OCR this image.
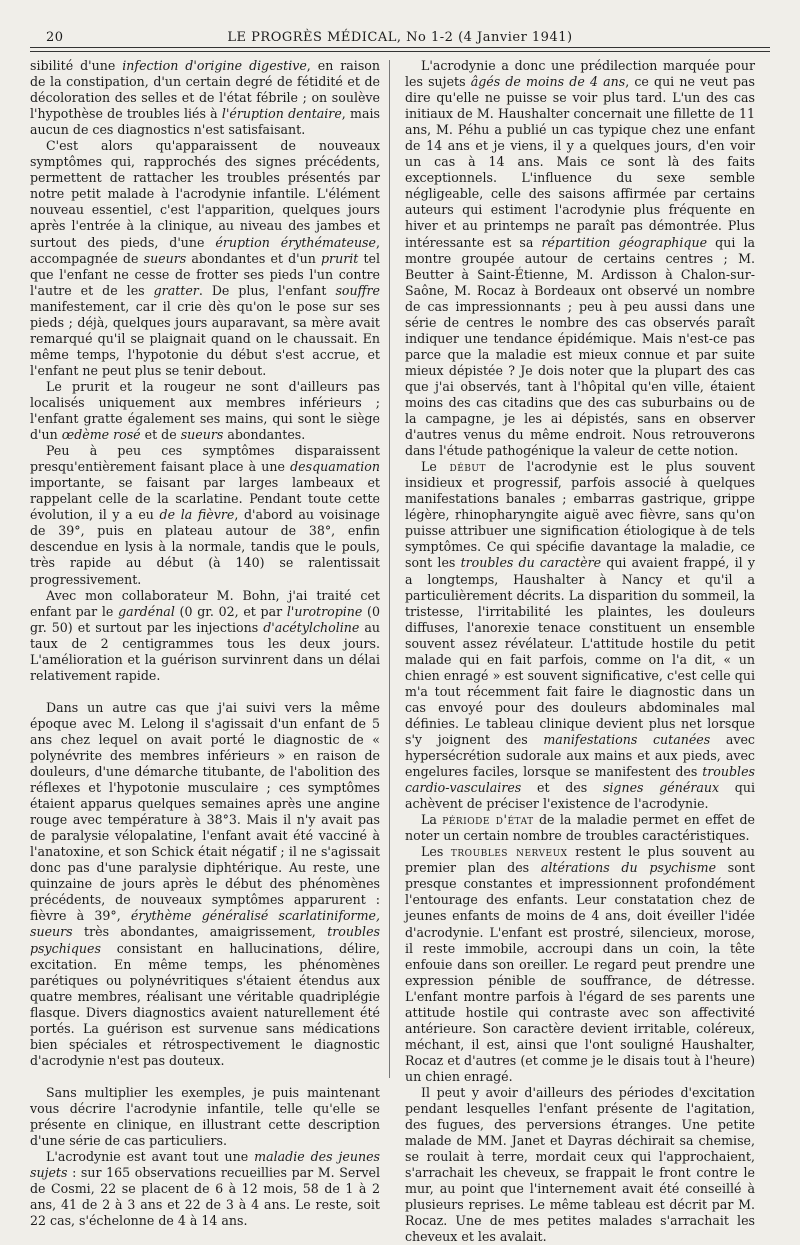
20	LE PROGRÈS MÉDICAL, No 1-2 (4 Janvier 1941)

sibilité d'une infection d'origine digestive, en raison de la constipation, d'un certain degré de fétidité et de décoloration des selles et de l'état fébrile ; on soulève l'hypothèse de troubles liés à l'éruption dentaire, mais aucun de ces diagnostics n'est satisfaisant.

C'est alors qu'apparaissent de nouveaux symptômes qui, rapprochés des signes précédents, permettent de rattacher les troubles présentés par notre petit malade à l'acrodynie infantile. L'élément nouveau essentiel, c'est l'apparition, quelques jours après l'entrée à la clinique, au niveau des jambes et surtout des pieds, d'une éruption érythémateuse, accompagnée de sueurs abondantes et d'un prurit tel que l'enfant ne cesse de frotter ses pieds l'un contre l'autre et de les gratter. De plus, l'enfant souffre manifestement, car il crie dès qu'on le pose sur ses pieds ; déjà, quelques jours auparavant, sa mère avait remarqué qu'il se plaignait quand on le chaussait. En même temps, l'hypotonie du début s'est accrue, et l'enfant ne peut plus se tenir debout.

Le prurit et la rougeur ne sont d'ailleurs pas localisés uniquement aux membres inférieurs ; l'enfant gratte également ses mains, qui sont le siège d'un œdème rosé et de sueurs abondantes.

Peu à peu ces symptômes disparaissent presqu'entièrement faisant place à une desquamation importante, se faisant par larges lambeaux et rappelant celle de la scarlatine. Pendant toute cette évolution, il y a eu de la fièvre, d'abord au voisinage de 39°, puis en plateau autour de 38°, enfin descendue en lysis à la normale, tandis que le pouls, très rapide au début (à 140) se ralentissait progressivement.

Avec mon collaborateur M. Bohn, j'ai traité cet enfant par le gardénal (0 gr. 02, et par l'urotropine (0 gr. 50) et surtout par les injections d'acétylcholine au taux de 2 centigrammes tous les deux jours. L'amélioration et la guérison survinrent dans un délai relativement rapide.

Dans un autre cas que j'ai suivi vers la même époque avec M. Lelong il s'agissait d'un enfant de 5 ans chez lequel on avait porté le diagnostic de « polynévrite des membres inférieurs » en raison de douleurs, d'une démarche titubante, de l'abolition des réflexes et l'hypotonie musculaire ; ces symptômes étaient apparus quelques semaines après une angine rouge avec température à 38°3. Mais il n'y avait pas de paralysie vélopalatine, l'enfant avait été vacciné à l'anatoxine, et son Schick était négatif ; il ne s'agissait donc pas d'une paralysie diphtérique. Au reste, une quinzaine de jours après le début des phénomènes précédents, de nouveaux symptômes apparurent : fièvre à 39°, érythème généralisé scarlatiniforme, sueurs très abondantes, amaigrissement, troubles psychiques consistant en hallucinations, délire, excitation. En même temps, les phénomènes parétiques ou polynévritiques s'étaient étendus aux quatre membres, réalisant une véritable quadriplégie flasque. Divers diagnostics avaient naturellement été portés. La guérison est survenue sans médications bien spéciales et rétrospectivement le diagnostic d'acrodynie n'est pas douteux.

Sans multiplier les exemples, je puis maintenant vous décrire l'acrodynie infantile, telle qu'elle se présente en clinique, en illustrant cette description d'une série de cas particuliers.

L'acrodynie est avant tout une maladie des jeunes sujets : sur 165 observations recueillies par M. Servel de Cosmi, 22 se placent de 6 à 12 mois, 58 de 1 à 2 ans, 41 de 2 à 3 ans et 22 de 3 à 4 ans. Le reste, soit 22 cas, s'échelonne de 4 à 14 ans.

L'acrodynie a donc une prédilection marquée pour les sujets âgés de moins de 4 ans, ce qui ne veut pas dire qu'elle ne puisse se voir plus tard. L'un des cas initiaux de M. Haushalter concernait une fillette de 11 ans, M. Péhu a publié un cas typique chez une enfant de 14 ans et je viens, il y a quelques jours, d'en voir un cas à 14 ans. Mais ce sont là des faits exceptionnels. L'influence du sexe semble négligeable, celle des saisons affirmée par certains auteurs qui estiment l'acrodynie plus fréquente en hiver et au printemps ne paraît pas démontrée. Plus intéressante est sa répartition géographique qui la montre groupée autour de certains centres ; M. Beutter à Saint-Étienne, M. Ardisson à Chalon-sur-Saône, M. Rocaz à Bordeaux ont observé un nombre de cas impressionnants ; peu à peu aussi dans une série de centres le nombre des cas observés paraît indiquer une tendance épidémique. Mais n'est-ce pas parce que la maladie est mieux connue et par suite mieux dépistée ? Je dois noter que la plupart des cas que j'ai observés, tant à l'hôpital qu'en ville, étaient moins des cas citadins que des cas suburbains ou de la campagne, je les ai dépistés, sans en observer d'autres venus du même endroit. Nous retrouverons dans l'étude pathogénique la valeur de cette notion.

Le début de l'acrodynie est le plus souvent insidieux et progressif, parfois associé à quelques manifestations banales ; embarras gastrique, grippe légère, rhinopharyngite aiguë avec fièvre, sans qu'on puisse attribuer une signification étiologique à de tels symptômes. Ce qui spécifie davantage la maladie, ce sont les troubles du caractère qui avaient frappé, il y a longtemps, Haushalter à Nancy et qu'il a particulièrement décrits. La disparition du sommeil, la tristesse, l'irritabilité les plaintes, les douleurs diffuses, l'anorexie tenace constituent un ensemble souvent assez révélateur. L'attitude hostile du petit malade qui en fait parfois, comme on l'a dit, « un chien enragé » est souvent significative, c'est celle qui m'a tout récemment fait faire le diagnostic dans un cas envoyé pour des douleurs abdominales mal définies. Le tableau clinique devient plus net lorsque s'y joignent des manifestations cutanées avec hypersécrétion sudorale aux mains et aux pieds, avec engelures faciles, lorsque se manifestent des troubles cardio-vasculaires et des signes généraux qui achèvent de préciser l'existence de l'acrodynie.

La période d'état de la maladie permet en effet de noter un certain nombre de troubles caractéristiques.

Les troubles nerveux restent le plus souvent au premier plan des altérations du psychisme sont presque constantes et impressionnent profondément l'entourage des enfants. Leur constatation chez de jeunes enfants de moins de 4 ans, doit éveiller l'idée d'acrodynie. L'enfant est prostré, silencieux, morose, il reste immobile, accroupi dans un coin, la tête enfouie dans son oreiller. Le regard peut prendre une expression pénible de souffrance, de détresse. L'enfant montre parfois à l'égard de ses parents une attitude hostile qui contraste avec son affectivité antérieure. Son caractère devient irritable, coléreux, méchant, il est, ainsi que l'ont souligné Haushalter, Rocaz et d'autres (et comme je le disais tout à l'heure) un chien enragé.

Il peut y avoir d'ailleurs des périodes d'excitation pendant lesquelles l'enfant présente de l'agitation, des fugues, des perversions étranges. Une petite malade de MM. Janet et Dayras déchirait sa chemise, se roulait à terre, mordait ceux qui l'approchaient, s'arrachait les cheveux, se frappait le front contre le mur, au point que l'internement avait été conseillé à plusieurs reprises. Le même tableau est décrit par M. Rocaz. Une de mes petites malades s'arrachait les cheveux et les avalait.
